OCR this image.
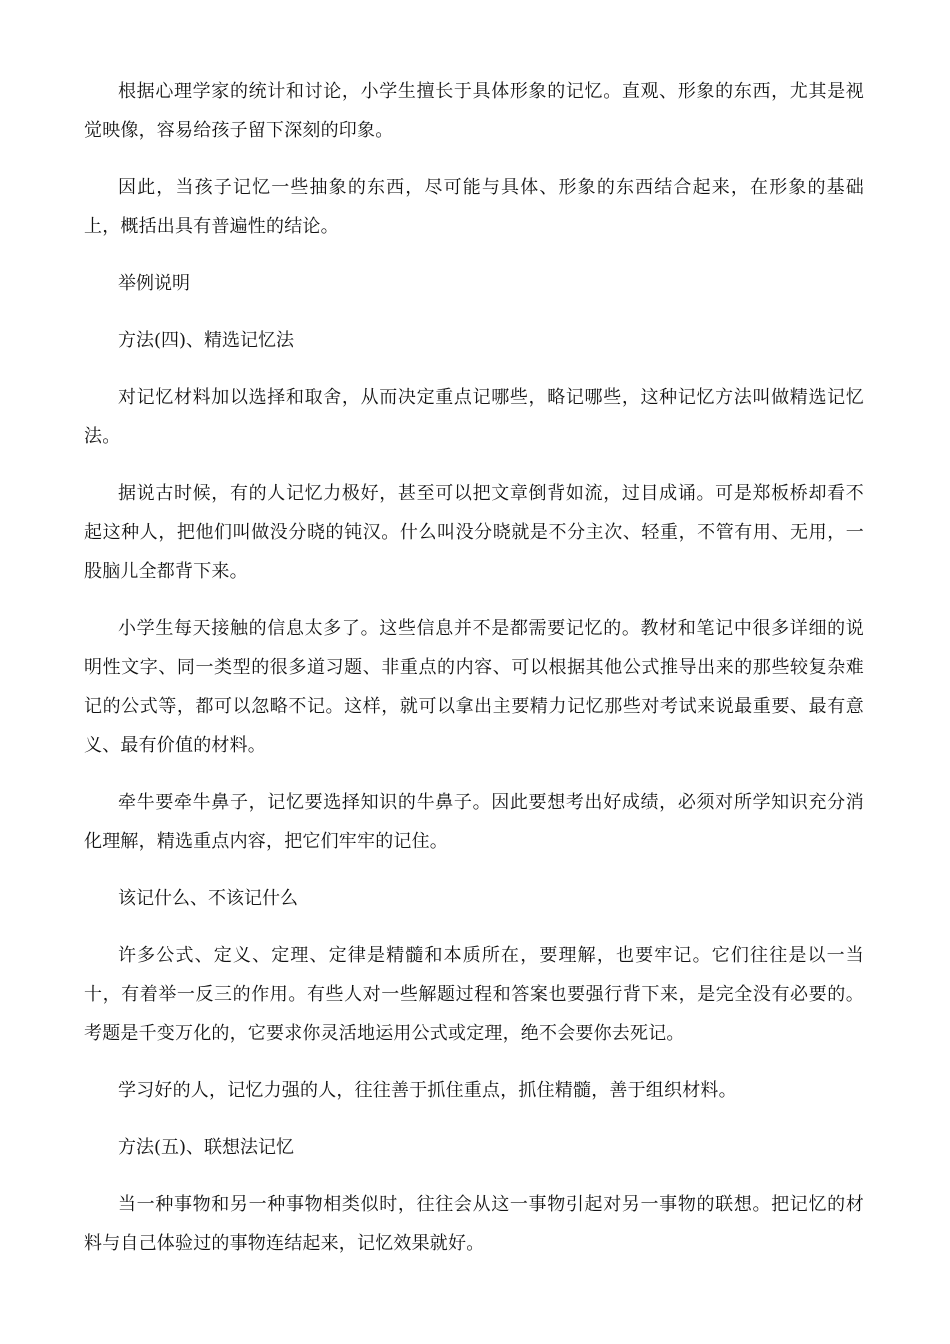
根据心理学家的统计和讨论，小学生擅长于具体形象的记忆。直观、形象的东西，尤其是视觉映像，容易给孩子留下深刻的印象。

因此，当孩子记忆一些抽象的东西，尽可能与具体、形象的东西结合起来，在形象的基础上，概括出具有普遍性的结论。

举例说明

方法(四)、精选记忆法

对记忆材料加以选择和取舍，从而决定重点记哪些，略记哪些，这种记忆方法叫做精选记忆法。

据说古时候，有的人记忆力极好，甚至可以把文章倒背如流，过目成诵。可是郑板桥却看不起这种人，把他们叫做没分晓的钝汉。什么叫没分晓就是不分主次、轻重，不管有用、无用，一股脑儿全都背下来。

小学生每天接触的信息太多了。这些信息并不是都需要记忆的。教材和笔记中很多详细的说明性文字、同一类型的很多道习题、非重点的内容、可以根据其他公式推导出来的那些较复杂难记的公式等，都可以忽略不记。这样，就可以拿出主要精力记忆那些对考试来说最重要、最有意义、最有价值的材料。

牵牛要牵牛鼻子，记忆要选择知识的牛鼻子。因此要想考出好成绩，必须对所学知识充分消化理解，精选重点内容，把它们牢牢的记住。

该记什么、不该记什么

许多公式、定义、定理、定律是精髓和本质所在，要理解，也要牢记。它们往往是以一当十，有着举一反三的作用。有些人对一些解题过程和答案也要强行背下来，是完全没有必要的。考题是千变万化的，它要求你灵活地运用公式或定理，绝不会要你去死记。

学习好的人，记忆力强的人，往往善于抓住重点，抓住精髓，善于组织材料。

方法(五)、联想法记忆

当一种事物和另一种事物相类似时，往往会从这一事物引起对另一事物的联想。把记忆的材料与自己体验过的事物连结起来，记忆效果就好。
